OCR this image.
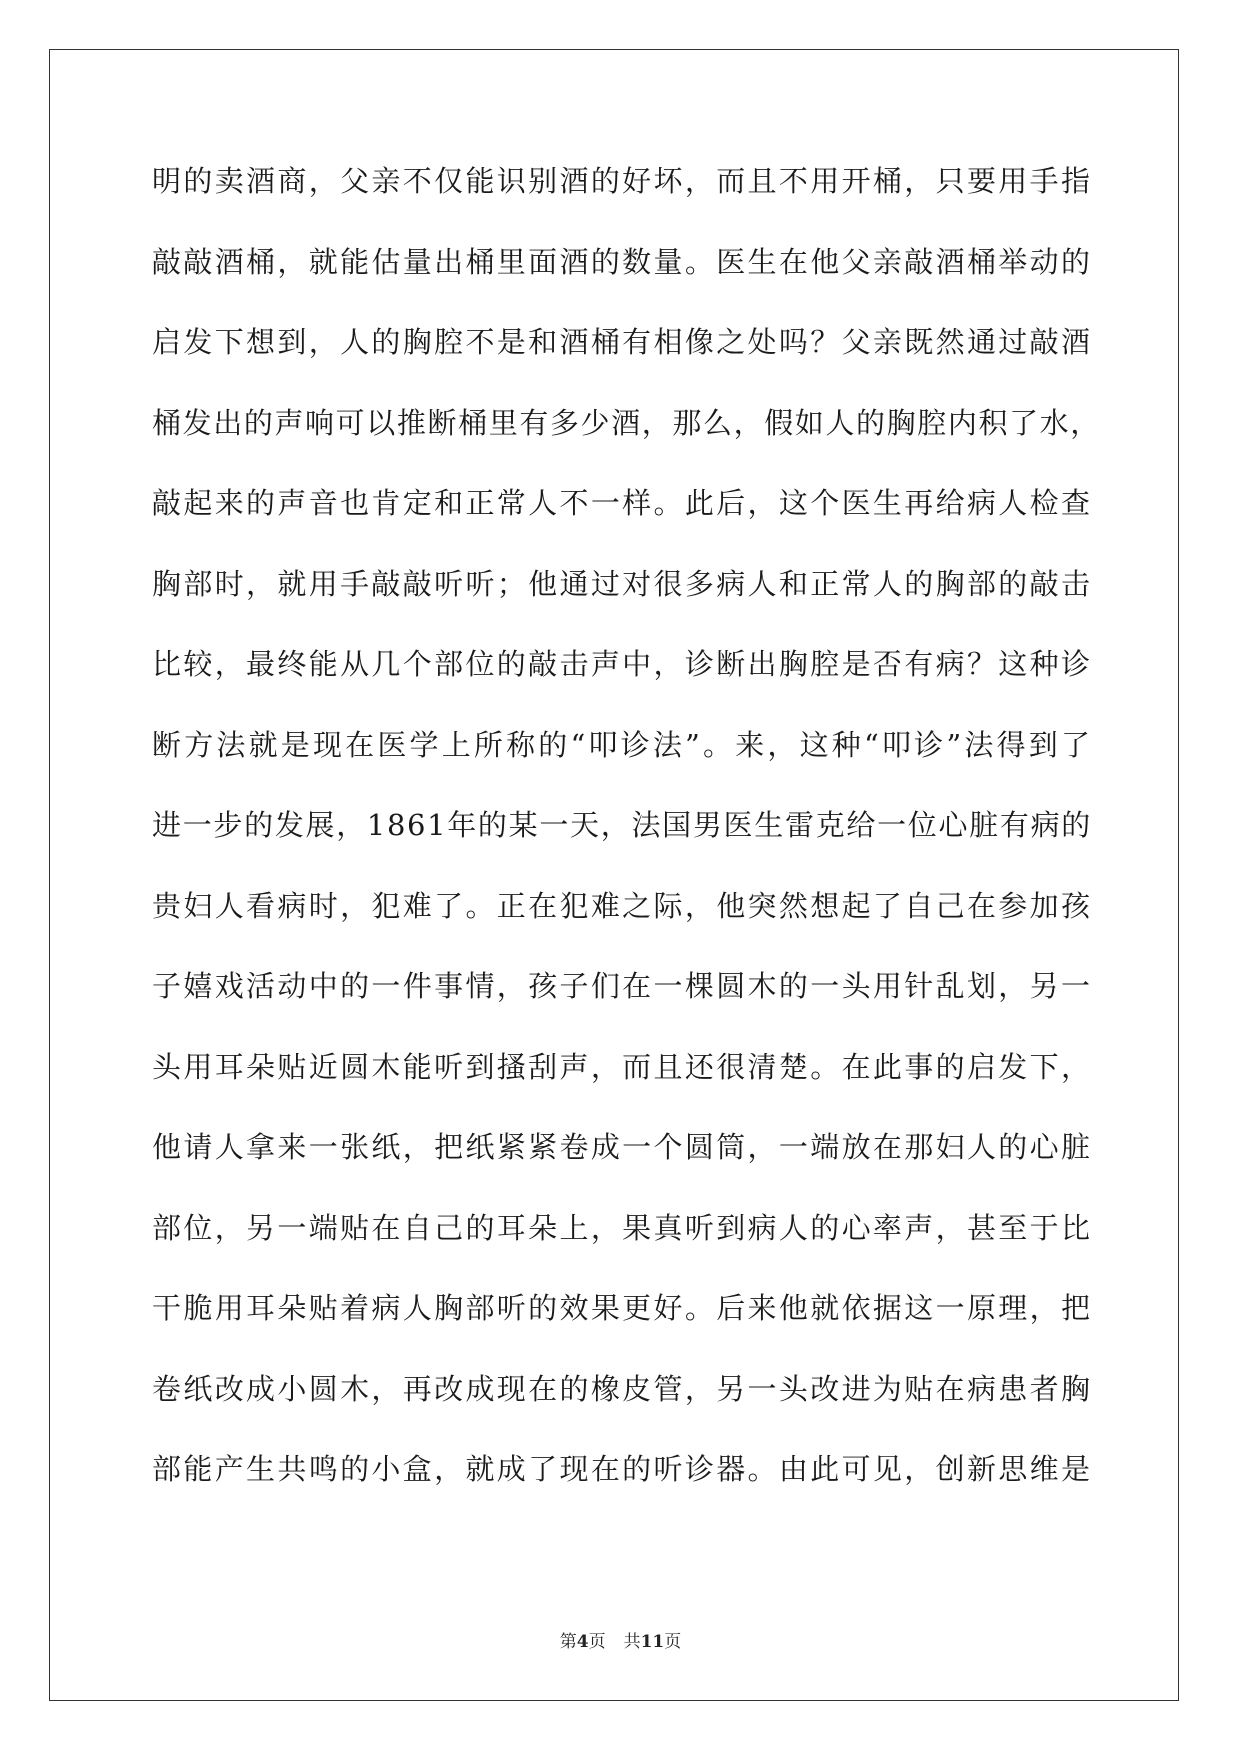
明 的 卖 酒 商 ， 父 亲 不 仅 能 识 别 酒 的 好 坏 ， 而 且 不 用 开 桶 ， 只 要 用 手 指
敲 敲 酒 桶 ， 就 能 估 量 出 桶 里 面 酒 的 数 量 。 医 生 在 他 父 亲 敲 酒 桶 举 动 的
启 发 下 想 到 ， 人 的 胸 腔 不 是 和 酒 桶 有 相 像 之 处 吗 ？ 父 亲 既 然 通 过 敲 酒
桶 发 出 的 声 响 可 以 推 断 桶 里 有 多 少 酒 ， 那 么 ， 假 如 人 的 胸 腔 内 积 了 水 ，
敲 起 来 的 声 音 也 肯 定 和 正 常 人 不 一 样 。 此 后 ， 这 个 医 生 再 给 病 人 检 查
胸 部 时 ， 就 用 手 敲 敲 听 听 ； 他 通 过 对 很 多 病 人 和 正 常 人 的 胸 部 的 敲 击
比 较 ， 最 终 能 从 几 个 部 位 的 敲 击 声 中 ， 诊 断 出 胸 腔 是 否 有 病 ？ 这 种 诊
断 方 法 就 是 现 在 医 学 上 所 称 的 “ 叩 诊 法 ” 。 来 ， 这 种 “ 叩 诊 ” 法 得 到 了
进 一 步 的 发 展 ， 1861 年 的 某 一 天 ， 法 国 男 医 生 雷 克 给 一 位 心 脏 有 病 的
贵 妇 人 看 病 时 ， 犯 难 了 。 正 在 犯 难 之 际 ， 他 突 然 想 起 了 自 己 在 参 加 孩
子 嬉 戏 活 动 中 的 一 件 事 情 ， 孩 子 们 在 一 棵 圆 木 的 一 头 用 针 乱 划 ， 另 一
头 用 耳 朵 贴 近 圆 木 能 听 到 搔 刮 声 ， 而 且 还 很 清 楚 。 在 此 事 的 启 发 下 ，
他 请 人 拿 来 一 张 纸 ， 把 纸 紧 紧 卷 成 一 个 圆 筒 ， 一 端 放 在 那 妇 人 的 心 脏
部 位 ， 另 一 端 贴 在 自 己 的 耳 朵 上 ， 果 真 听 到 病 人 的 心 率 声 ， 甚 至 于 比
干 脆 用 耳 朵 贴 着 病 人 胸 部 听 的 效 果 更 好 。 后 来 他 就 依 据 这 一 原 理 ， 把
卷 纸 改 成 小 圆 木 ， 再 改 成 现 在 的 橡 皮 管 ， 另 一 头 改 进 为 贴 在 病 患 者 胸
部 能 产 生 共 鸣 的 小 盒 ， 就 成 了 现 在 的 听 诊 器 。 由 此 可 见 ， 创 新 思 维 是
第4页 共11页
